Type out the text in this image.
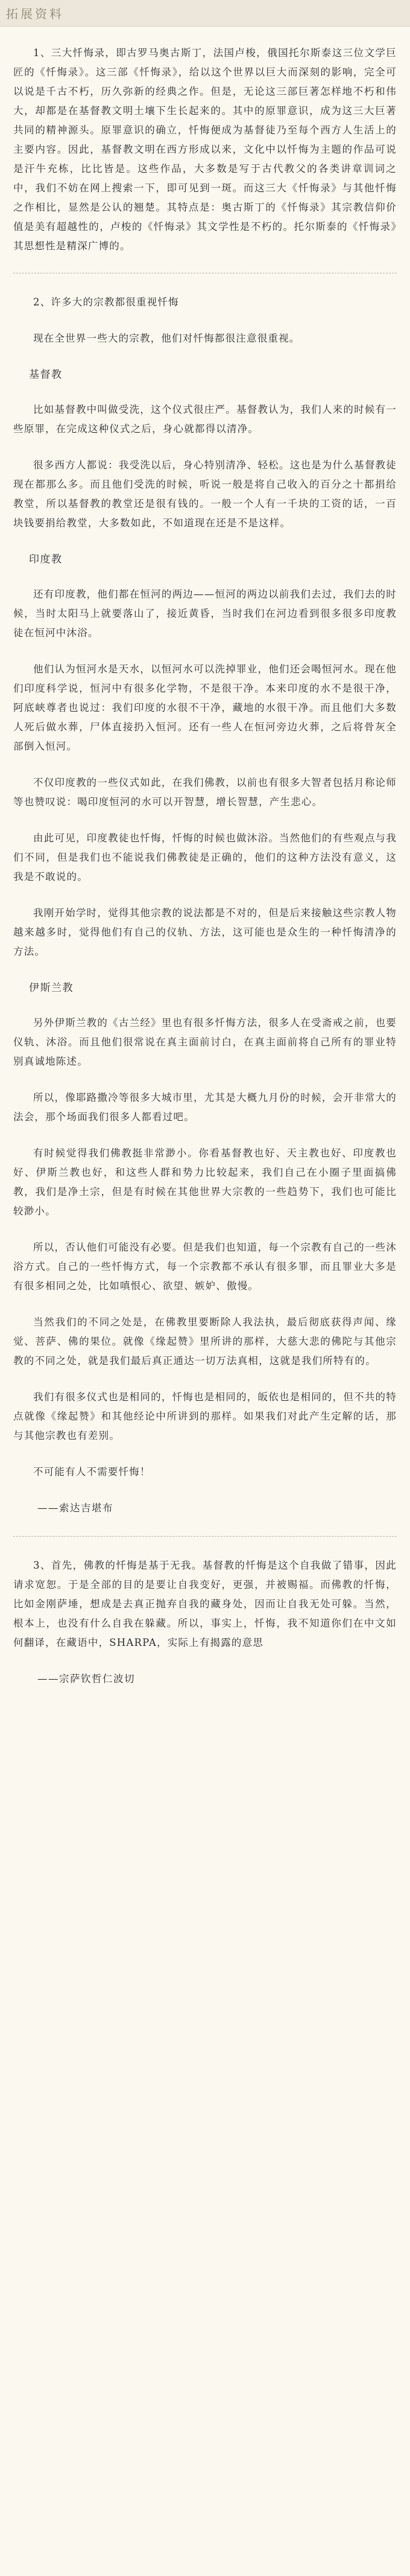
拓展资料

1、三大忏悔录，即古罗马奥古斯丁，法国卢梭，俄国托尔斯泰这三位文学巨匠的《忏悔录》。这三部《忏悔录》，给以这个世界以巨大而深刻的影响，完全可以说是千古不朽，历久弥新的经典之作。但是，无论这三部巨著怎样地不朽和伟大，却都是在基督教文明土壤下生长起来的。其中的原罪意识，成为这三大巨著共同的精神源头。原罪意识的确立，忏悔便成为基督徒乃至每个西方人生活上的主要内容。因此，基督教文明在西方形成以来，文化中以忏悔为主题的作品可说是汗牛充栋，比比皆是。这些作品，大多数是写于古代教父的各类讲章训词之中，我们不妨在网上搜索一下，即可见到一斑。而这三大《忏悔录》与其他忏悔之作相比，显然是公认的翘楚。其特点是：奥古斯丁的《忏悔录》其宗教信仰价值是美有超越性的，卢梭的《忏悔录》其文学性是不朽的。托尔斯泰的《忏悔录》其思想性是精深广博的。

2、许多大的宗教都很重视忏悔

现在全世界一些大的宗教，他们对忏悔都很注意很重视。

基督教

比如基督教中叫做受洗，这个仪式很庄严。基督教认为，我们人来的时候有一些原罪，在完成这种仪式之后，身心就都得以清净。

很多西方人都说：我受洗以后，身心特别清净、轻松。这也是为什么基督教徒现在都那么多。而且他们受洗的时候，听说一般是将自己收入的百分之十都捐给教堂，所以基督教的教堂还是很有钱的。一般一个人有一千块的工资的话，一百块钱要捐给教堂，大多数如此，不如道现在还是不是这样。

印度教

还有印度教，他们都在恒河的两边——恒河的两边以前我们去过，我们去的时候，当时太阳马上就要落山了，接近黄昏，当时我们在河边看到很多很多印度教徒在恒河中沐浴。

他们认为恒河水是天水，以恒河水可以洗掉罪业，他们还会喝恒河水。现在他们印度科学说，恒河中有很多化学物，不是很干净。本来印度的水不是很干净，阿底峡尊者也说过：我们印度的水很不干净，藏地的水很干净。而且他们大多数人死后做水葬，尸体直接扔入恒河。还有一些人在恒河旁边火葬，之后将骨灰全部倒入恒河。

不仅印度教的一些仪式如此，在我们佛教，以前也有很多大智者包括月称论师等也赞叹说：喝印度恒河的水可以开智慧，增长智慧，产生悲心。

由此可见，印度教徒也忏悔，忏悔的时候也做沐浴。当然他们的有些观点与我们不同，但是我们也不能说我们佛教徒是正确的，他们的这种方法没有意义，这我是不敢说的。

我刚开始学时，觉得其他宗教的说法都是不对的，但是后来接触这些宗教人物越来越多时，觉得他们有自己的仪轨、方法，这可能也是众生的一种忏悔清净的方法。

伊斯兰教

另外伊斯兰教的《古兰经》里也有很多忏悔方法，很多人在受斋戒之前，也要仪轨、沐浴。而且他们很常说在真主面前讨白，在真主面前将自己所有的罪业特别真诚地陈述。

所以，像耶路撒冷等很多大城市里，尤其是大概九月份的时候，会开非常大的法会，那个场面我们很多人都看过吧。

有时候觉得我们佛教挺非常渺小。你看基督教也好、天主教也好、印度教也好、伊斯兰教也好，和这些人群和势力比较起来，我们自己在小圈子里面搞佛教，我们是净土宗，但是有时候在其他世界大宗教的一些趋势下，我们也可能比较渺小。

所以，否认他们可能没有必要。但是我们也知道，每一个宗教有自己的一些沐浴方式。自己的一些忏悔方式，每一个宗教都不承认有很多罪，而且罪业大多是有很多相同之处，比如嗔恨心、欲望、嫉妒、傲慢。

当然我们的不同之处是，在佛教里要断除人我法执，最后彻底获得声闻、缘觉、菩萨、佛的果位。就像《缘起赞》里所讲的那样，大慈大悲的佛陀与其他宗教的不同之处，就是我们最后真正通达一切万法真相，这就是我们所特有的。

我们有很多仪式也是相同的，忏悔也是相同的，皈依也是相同的，但不共的特点就像《缘起赞》和其他经论中所讲到的那样。如果我们对此产生定解的话，那与其他宗教也有差别。

不可能有人不需要忏悔！

——索达吉堪布

3、首先，佛教的忏悔是基于无我。基督教的忏悔是这个自我做了错事，因此请求宽恕。于是全部的目的是要让自我变好，更强，并被赐福。而佛教的忏悔，比如金刚萨埵，想成是去真正抛弃自我的藏身处，因而让自我无处可躲。当然，根本上，也没有什么自我在躲藏。所以，事实上，忏悔，我不知道你们在中文如何翻译，在藏语中，SHARPA，实际上有揭露的意思

——宗萨钦哲仁波切
